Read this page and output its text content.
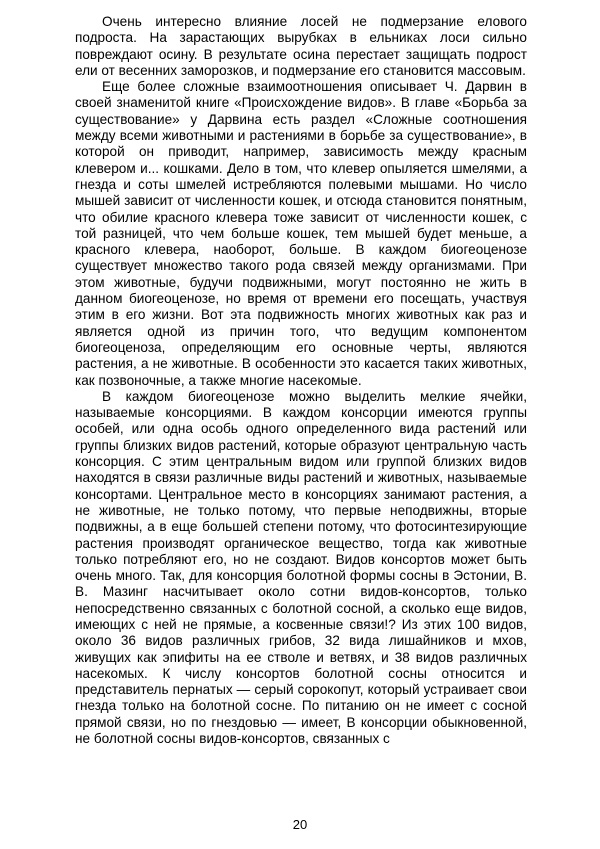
Очень интересно влияние лосей не подмерзание елового подроста. На зарастающих вырубках в ельниках лоси сильно повреждают осину. В результате осина перестает защищать подрост ели от весенних заморозков, и подмерзание его становится массовым.

Еще более сложные взаимоотношения описывает Ч. Дарвин в своей знаменитой книге «Происхождение видов». В главе «Борьба за существование» у Дарвина есть раздел «Сложные соотношения между всеми животными и растениями в борьбе за существование», в которой он приводит, например, зависимость между красным клевером и... кошками. Дело в том, что клевер опыляется шмелями, а гнезда и соты шмелей истребляются полевыми мышами. Но число мышей зависит от численности кошек, и отсюда становится понятным, что обилие красного клевера тоже зависит от численности кошек, с той разницей, что чем больше кошек, тем мышей будет меньше, а красного клевера, наоборот, больше. В каждом биогеоценозе существует множество такого рода связей между организмами. При этом животные, будучи подвижными, могут постоянно не жить в данном биогеоценозе, но время от времени его посещать, участвуя этим в его жизни. Вот эта подвижность многих животных как раз и является одной из причин того, что ведущим компонентом биогеоценоза, определяющим его основные черты, являются растения, а не животные. В особенности это касается таких животных, как позвоночные, а также многие насекомые.

В каждом биогеоценозе можно выделить мелкие ячейки, называемые консорциями. В каждом консорции имеются группы особей, или одна особь одного определенного вида растений или группы близких видов растений, которые образуют центральную часть консорция. С этим центральным видом или группой близких видов находятся в связи различные виды растений и животных, называемые консортами. Центральное место в консорциях занимают растения, а не животные, не только потому, что первые неподвижны, вторые подвижны, а в еще большей степени потому, что фотосинтезирующие растения производят органическое вещество, тогда как животные только потребляют его, но не создают. Видов консортов может быть очень много. Так, для консорция болотной формы сосны в Эстонии, В. В. Мазинг насчитывает около сотни видов-консортов, только непосредственно связанных с болотной сосной, а сколько еще видов, имеющих с ней не прямые, а косвенные связи!? Из этих 100 видов, около 36 видов различных грибов, 32 вида лишайников и мхов, живущих как эпифиты на ее стволе и ветвях, и 38 видов различных насекомых. К числу консортов болотной сосны относится и представитель пернатых — серый сорокопут, который устраивает свои гнезда только на болотной сосне. По питанию он не имеет с сосной прямой связи, но по гнездовью — имеет, В консорции обыкновенной, не болотной сосны видов-консортов, связанных с

20
